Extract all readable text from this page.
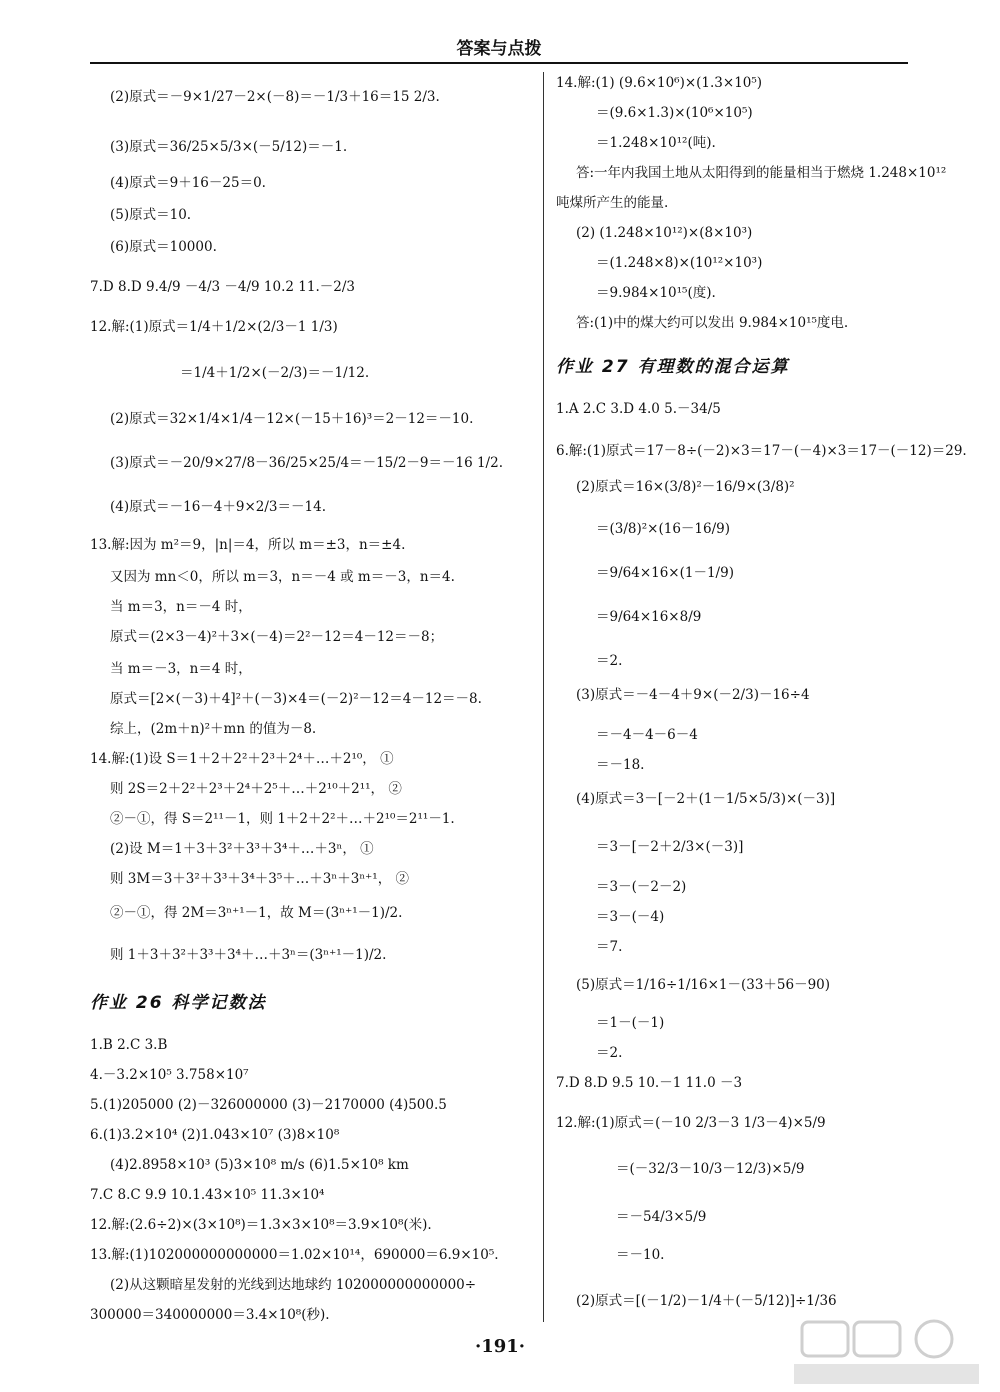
答案与点拨
(2)原式＝－9×1/27－2×(－8)＝－1/3＋16＝15 2/3.
(3)原式＝36/25×5/3×(－5/12)＝－1.
(4)原式＝9＋16－25＝0.
(5)原式＝10.
(6)原式＝10000.
7.D 8.D 9.4/9 －4/3 －4/9 10.2 11.－2/3
12.解:(1)原式＝1/4＋1/2×(2/3－1 1/3)
＝1/4＋1/2×(－2/3)＝－1/12.
(2)原式＝32×1/4×1/4－12×(－15＋16)³＝2－12＝－10.
(3)原式＝－20/9×27/8－36/25×25/4＝－15/2－9＝－16 1/2.
(4)原式＝－16－4＋9×2/3＝－14.
13.解:因为 m²＝9，|n|＝4，所以 m＝±3，n＝±4.
又因为 mn＜0，所以 m＝3，n＝－4 或 m＝－3，n＝4.
当 m＝3，n＝－4 时，
原式＝(2×3－4)²＋3×(－4)＝2²－12＝4－12＝－8；
当 m＝－3，n＝4 时，
原式＝[2×(－3)＋4]²＋(－3)×4＝(－2)²－12＝4－12＝－8.
综上，(2m＋n)²＋mn 的值为－8.
14.解:(1)设 S＝1＋2＋2²＋2³＋2⁴＋…＋2¹⁰， ①
则 2S＝2＋2²＋2³＋2⁴＋2⁵＋…＋2¹⁰＋2¹¹， ②
②－①，得 S＝2¹¹－1，则 1＋2＋2²＋…＋2¹⁰＝2¹¹－1.
(2)设 M＝1＋3＋3²＋3³＋3⁴＋…＋3ⁿ， ①
则 3M＝3＋3²＋3³＋3⁴＋3⁵＋…＋3ⁿ＋3ⁿ⁺¹， ②
②－①，得 2M＝3ⁿ⁺¹－1，故 M＝(3ⁿ⁺¹－1)/2.
则 1＋3＋3²＋3³＋3⁴＋…＋3ⁿ＝(3ⁿ⁺¹－1)/2.
作业 26 科学记数法
1.B 2.C 3.B
4.－3.2×10⁵ 3.758×10⁷
5.(1)205000 (2)－326000000 (3)－2170000 (4)500.5
6.(1)3.2×10⁴ (2)1.043×10⁷ (3)8×10⁸
(4)2.8958×10³ (5)3×10⁸ m/s (6)1.5×10⁸ km
7.C 8.C 9.9 10.1.43×10⁵ 11.3×10⁴
12.解:(2.6÷2)×(3×10⁸)＝1.3×3×10⁸＝3.9×10⁸(米).
13.解:(1)102000000000000＝1.02×10¹⁴，690000＝6.9×10⁵.
(2)从这颗暗星发射的光线到达地球约 102000000000000÷
300000＝340000000＝3.4×10⁸(秒).
14.解:(1) (9.6×10⁶)×(1.3×10⁵)
＝(9.6×1.3)×(10⁶×10⁵)
＝1.248×10¹²(吨).
答:一年内我国土地从太阳得到的能量相当于燃烧 1.248×10¹²
吨煤所产生的能量.
(2) (1.248×10¹²)×(8×10³)
＝(1.248×8)×(10¹²×10³)
＝9.984×10¹⁵(度).
答:(1)中的煤大约可以发出 9.984×10¹⁵度电.
作业 27 有理数的混合运算
1.A 2.C 3.D 4.0 5.－34/5
6.解:(1)原式＝17－8÷(－2)×3＝17－(－4)×3＝17－(－12)＝29.
(2)原式＝16×(3/8)²－16/9×(3/8)²
＝(3/8)²×(16－16/9)
＝9/64×16×(1－1/9)
＝9/64×16×8/9
＝2.
(3)原式＝－4－4＋9×(－2/3)－16÷4
＝－4－4－6－4
＝－18.
(4)原式＝3－[－2＋(1－1/5×5/3)×(－3)]
＝3－[－2＋2/3×(－3)]
＝3－(－2－2)
＝3－(－4)
＝7.
(5)原式＝1/16÷1/16×1－(33＋56－90)
＝1－(－1)
＝2.
7.D 8.D 9.5 10.－1 11.0 －3
12.解:(1)原式＝(－10 2/3－3 1/3－4)×5/9
＝(－32/3－10/3－12/3)×5/9
＝－54/3×5/9
＝－10.
(2)原式＝[(－1/2)－1/4＋(－5/12)]÷1/36
·191·
